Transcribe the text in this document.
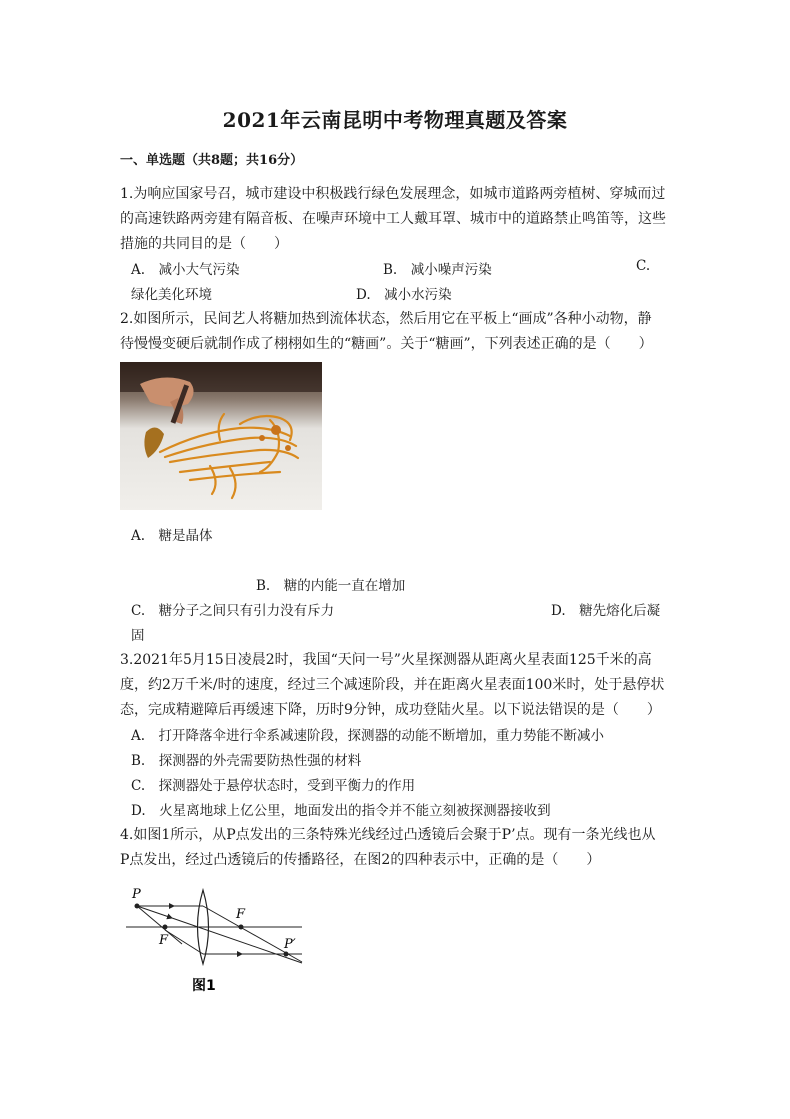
2021年云南昆明中考物理真题及答案
一、单选题（共8题；共16分）
1.为响应国家号召，城市建设中积极践行绿色发展理念，如城市道路两旁植树、穿城而过
的高速铁路两旁建有隔音板、在噪声环境中工人戴耳罩、城市中的道路禁止鸣笛等，这些
措施的共同目的是（　　）
A.　减小大气污染	B.　减小噪声污染	C.
绿化美化环境	D.　减小水污染
2.如图所示，民间艺人将糖加热到流体状态，然后用它在平板上“画成”各种小动物，静
待慢慢变硬后就制作成了栩栩如生的“糖画”。关于“糖画”，下列表述正确的是（　　）
A.　糖是晶体
B.　糖的内能一直在增加
C.　糖分子之间只有引力没有斥力	D.　糖先熔化后凝
固
3.2021年5月15日凌晨2时，我国“天问一号”火星探测器从距离火星表面125千米的高
度，约2万千米/时的速度，经过三个减速阶段，并在距离火星表面100米时，处于悬停状
态，完成精避障后再缓速下降，历时9分钟，成功登陆火星。以下说法错误的是（　　）
A.　打开降落伞进行伞系减速阶段，探测器的动能不断增加，重力势能不断减小
B.　探测器的外壳需要防热性强的材料
C.　探测器处于悬停状态时，受到平衡力的作用
D.　火星离地球上亿公里，地面发出的指令并不能立刻被探测器接收到
4.如图1所示，从P点发出的三条特殊光线经过凸透镜后会聚于P’点。现有一条光线也从
P点发出，经过凸透镜后的传播路径，在图2的四种表示中，正确的是（　　）
P
F
F	P′
图1
